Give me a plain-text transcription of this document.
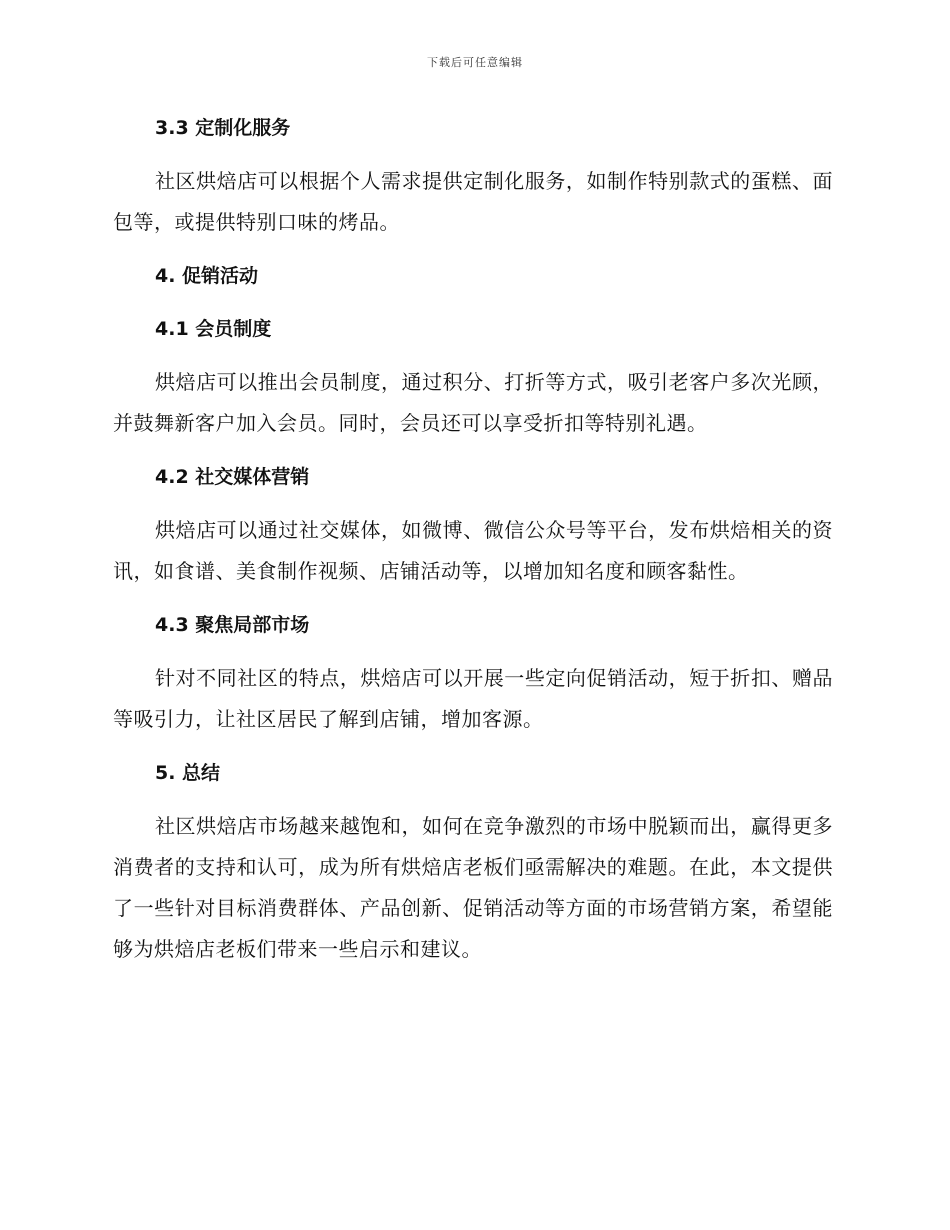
下载后可任意编辑
3.3 定制化服务

社区烘焙店可以根据个人需求提供定制化服务，如制作特别款式的蛋糕、面包等，或提供特别口味的烤品。

4. 促销活动
4.1 会员制度

烘焙店可以推出会员制度，通过积分、打折等方式，吸引老客户多次光顾，并鼓舞新客户加入会员。同时，会员还可以享受折扣等特别礼遇。

4.2 社交媒体营销

烘焙店可以通过社交媒体，如微博、微信公众号等平台，发布烘焙相关的资讯，如食谱、美食制作视频、店铺活动等，以增加知名度和顾客黏性。

4.3 聚焦局部市场

针对不同社区的特点，烘焙店可以开展一些定向促销活动，短于折扣、赠品等吸引力，让社区居民了解到店铺，增加客源。

5. 总结

社区烘焙店市场越来越饱和，如何在竞争激烈的市场中脱颖而出，赢得更多消费者的支持和认可，成为所有烘焙店老板们亟需解决的难题。在此，本文提供了一些针对目标消费群体、产品创新、促销活动等方面的市场营销方案，希望能够为烘焙店老板们带来一些启示和建议。
